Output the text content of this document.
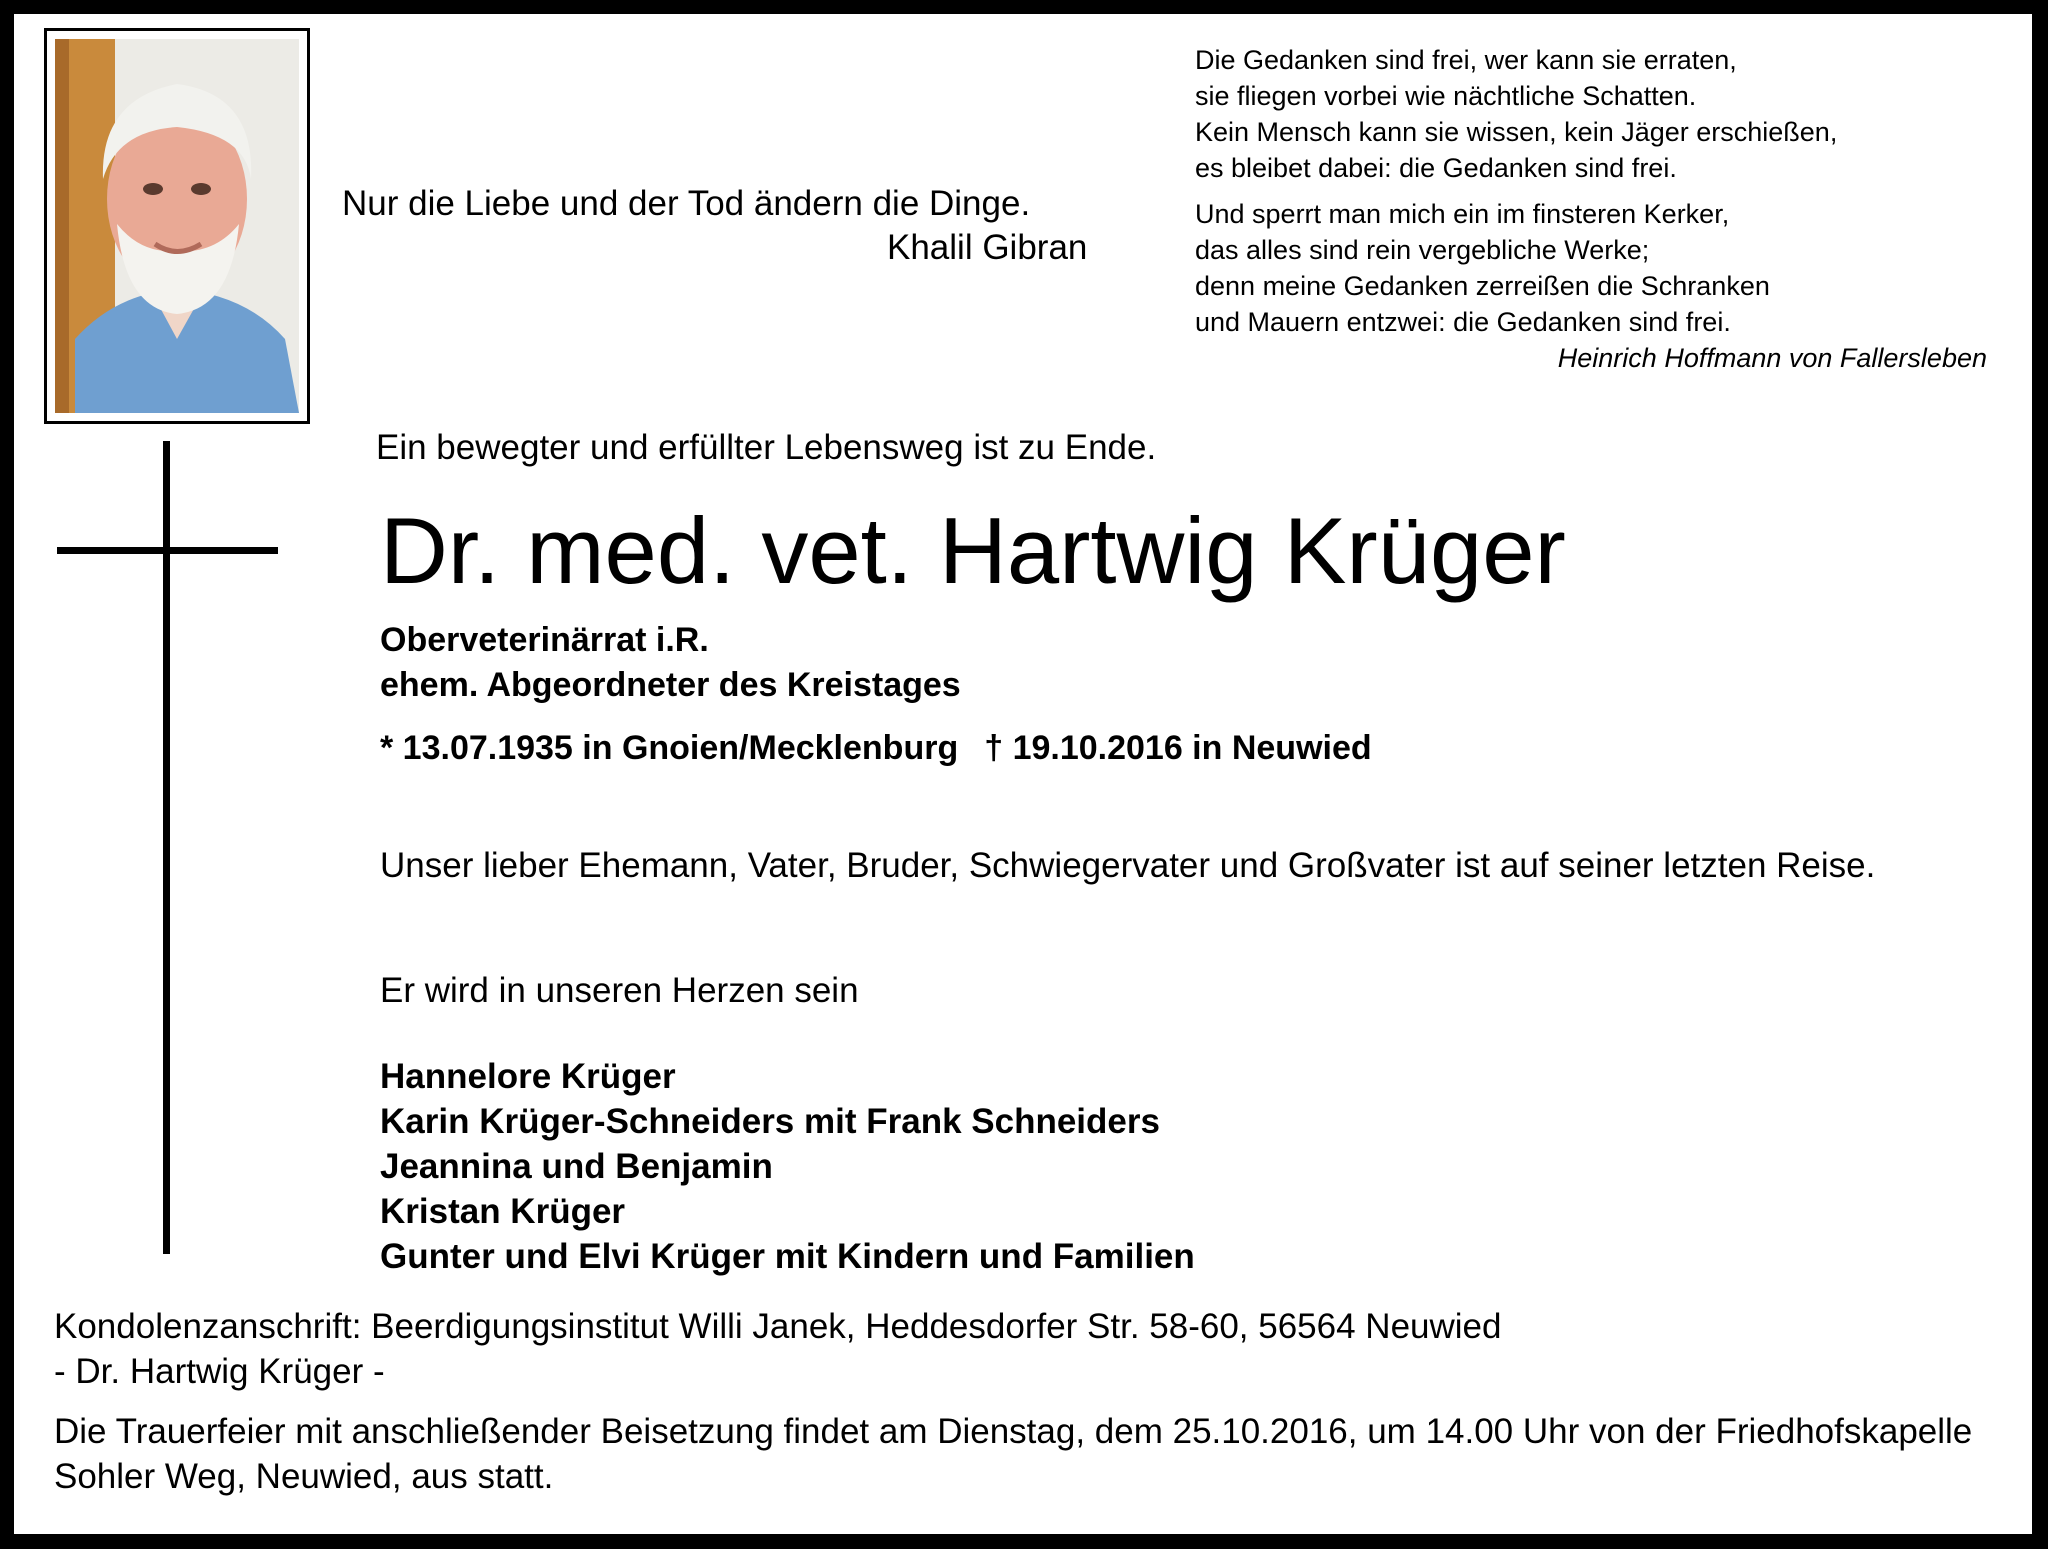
Nur die Liebe und der Tod ändern die Dinge.
Khalil Gibran
Die Gedanken sind frei, wer kann sie erraten,
sie fliegen vorbei wie nächtliche Schatten.
Kein Mensch kann sie wissen, kein Jäger erschießen,
es bleibet dabei: die Gedanken sind frei.
Und sperrt man mich ein im finsteren Kerker,
das alles sind rein vergebliche Werke;
denn meine Gedanken zerreißen die Schranken
und Mauern entzwei: die Gedanken sind frei.
Heinrich Hoffmann von Fallersleben
Ein bewegter und erfüllter Lebensweg ist zu Ende.
Dr. med. vet. Hartwig Krüger
Oberveterinärrat i.R.
ehem. Abgeordneter des Kreistages
* 13.07.1935 in Gnoien/Mecklenburg † 19.10.2016 in Neuwied
Unser lieber Ehemann, Vater, Bruder, Schwiegervater und Großvater ist auf seiner letzten Reise.
Er wird in unseren Herzen sein
Hannelore Krüger
Karin Krüger-Schneiders mit Frank Schneiders
Jeannina und Benjamin
Kristan Krüger
Gunter und Elvi Krüger mit Kindern und Familien
Kondolenzanschrift: Beerdigungsinstitut Willi Janek, Heddesdorfer Str. 58-60, 56564 Neuwied
- Dr. Hartwig Krüger -
Die Trauerfeier mit anschließender Beisetzung findet am Dienstag, dem 25.10.2016, um 14.00 Uhr von der Friedhofskapelle Sohler Weg, Neuwied, aus statt.
